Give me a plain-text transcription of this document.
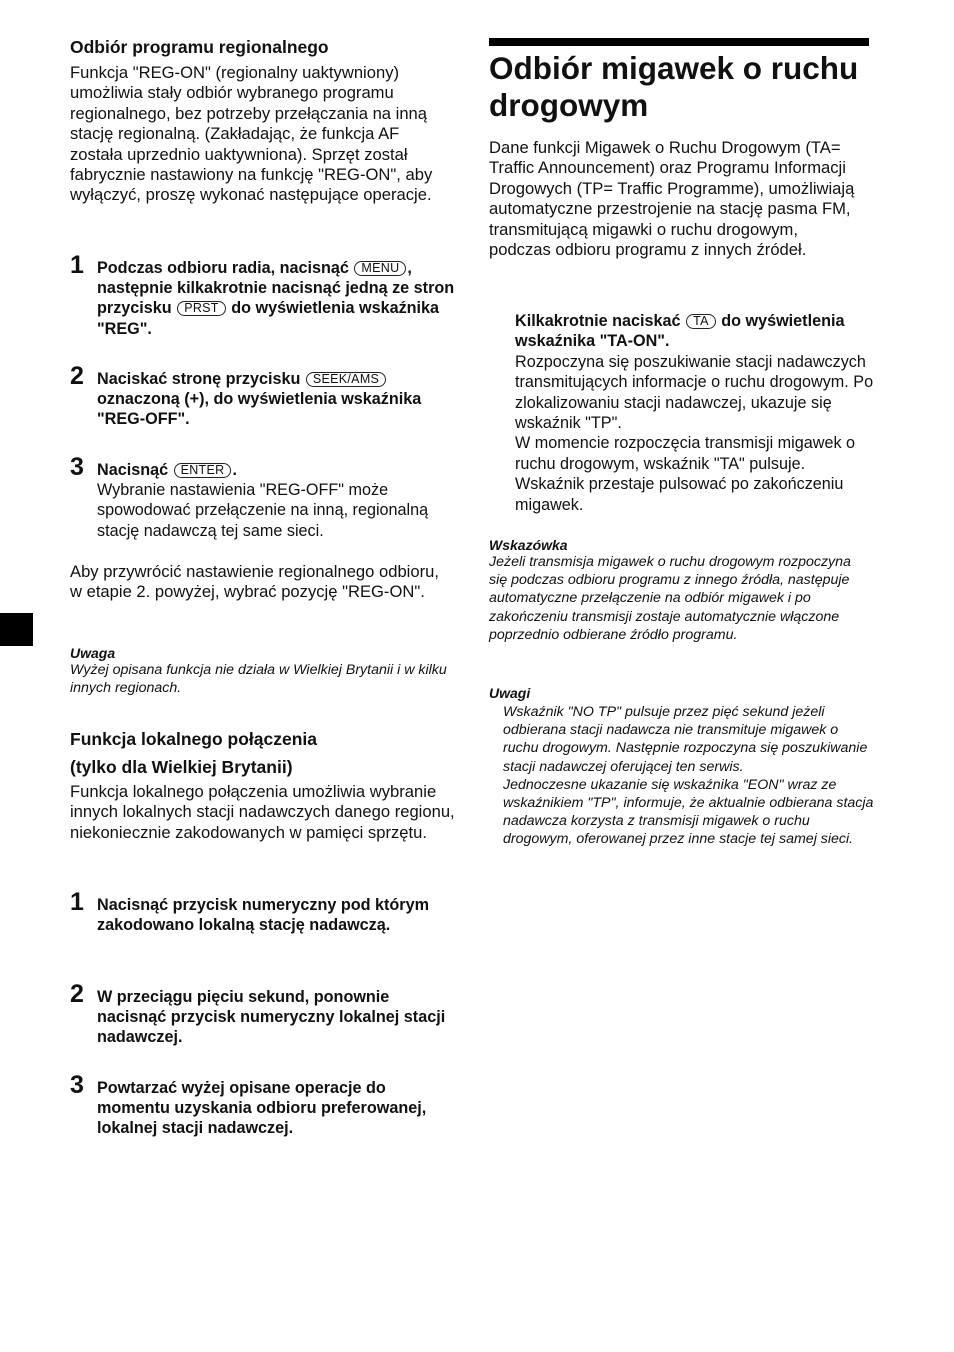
Odbiór programu regionalnego
Funkcja "REG-ON" (regionalny uaktywniony) umożliwia stały odbiór wybranego programu regionalnego, bez potrzeby przełączania na inną stację regionalną. (Zakładając, że funkcja AF została uprzednio uaktywniona). Sprzęt został fabrycznie nastawiony na funkcję "REG-ON", aby wyłączyć, proszę wykonać następujące operacje.
1 Podczas odbioru radia, nacisnąć MENU , następnie kilkakrotnie nacisnąć jedną ze stron przycisku PRST do wyświetlenia wskaźnika "REG".
2 Naciskać stronę przycisku SEEK/AMS oznaczoną (+), do wyświetlenia wskaźnika "REG-OFF".
3 Nacisnąć ENTER .
Wybranie nastawienia "REG-OFF" może spowodować przełączenie na inną, regionalną stację nadawczą tej same sieci.
Aby przywrócić nastawienie regionalnego odbioru, w etapie 2. powyżej, wybrać pozycję "REG-ON".
Uwaga
Wyżej opisana funkcja nie działa w Wielkiej Brytanii i w kilku innych regionach.
Funkcja lokalnego połączenia
(tylko dla Wielkiej Brytanii)
Funkcja lokalnego połączenia umożliwia wybranie innych lokalnych stacji nadawczych danego regionu, niekoniecznie zakodowanych w pamięci sprzętu.
1 Nacisnąć przycisk numeryczny pod którym zakodowano lokalną stację nadawczą.
2 W przeciągu pięciu sekund, ponownie nacisnąć przycisk numeryczny lokalnej stacji nadawczej.
3 Powtarzać wyżej opisane operacje do momentu uzyskania odbioru preferowanej, lokalnej stacji nadawczej.
Odbiór migawek o ruchu drogowym
Dane funkcji Migawek o Ruchu Drogowym (TA= Traffic Announcement) oraz Programu Informacji Drogowych (TP= Traffic Programme), umożliwiają automatyczne przestrojenie na stację pasma FM, transmitującą migawki o ruchu drogowym, podczas odbioru programu z innych źródeł.
Kilkakrotnie naciskać TA do wyświetlenia wskaźnika "TA-ON".
Rozpoczyna się poszukiwanie stacji nadawczych transmitujących informacje o ruchu drogowym. Po zlokalizowaniu stacji nadawczej, ukazuje się wskaźnik "TP".
W momencie rozpoczęcia transmisji migawek o ruchu drogowym, wskaźnik "TA" pulsuje. Wskaźnik przestaje pulsować po zakończeniu migawek.
Wskazówka
Jeżeli transmisja migawek o ruchu drogowym rozpoczyna się podczas odbioru programu z innego źródła, następuje automatyczne przełączenie na odbiór migawek i po zakończeniu transmisji zostaje automatycznie włączone poprzednio odbierane źródło programu.
Uwagi
Wskaźnik "NO TP" pulsuje przez pięć sekund jeżeli odbierana stacji nadawcza nie transmituje migawek o ruchu drogowym. Następnie rozpoczyna się poszukiwanie stacji nadawczej oferującej ten serwis.
Jednoczesne ukazanie się wskaźnika "EON" wraz ze wskaźnikiem "TP", informuje, że aktualnie odbierana stacja nadawcza korzysta z transmisji migawek o ruchu drogowym, oferowanej przez inne stacje tej samej sieci.
